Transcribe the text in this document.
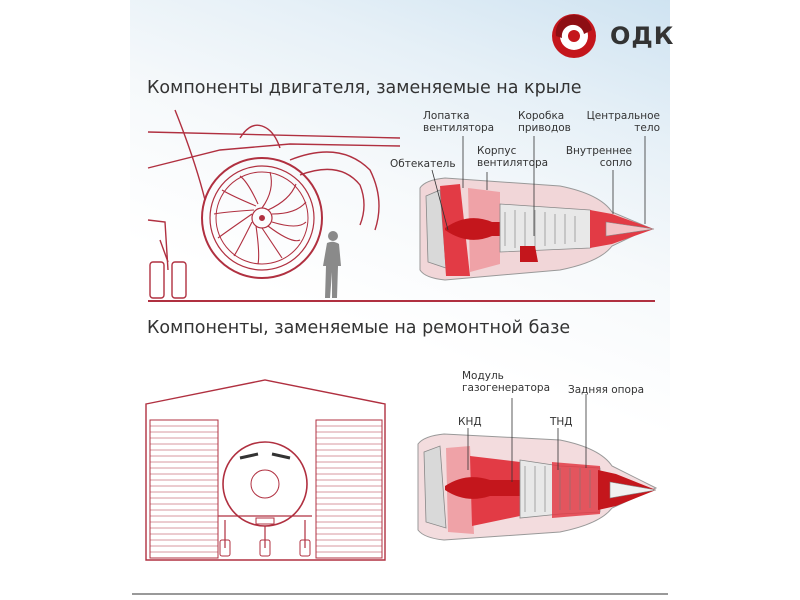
ОДК
Компоненты двигателя, заменяемые на крыле
Компоненты, заменяемые на ремонтной базе
Лопатка
вентилятора
Коробка
приводов
Центральное
тело
Обтекатель
Корпус
вентилятора
Внутреннее
сопло
Модуль
газогенератора Задняя опора
КНД	ТНД
